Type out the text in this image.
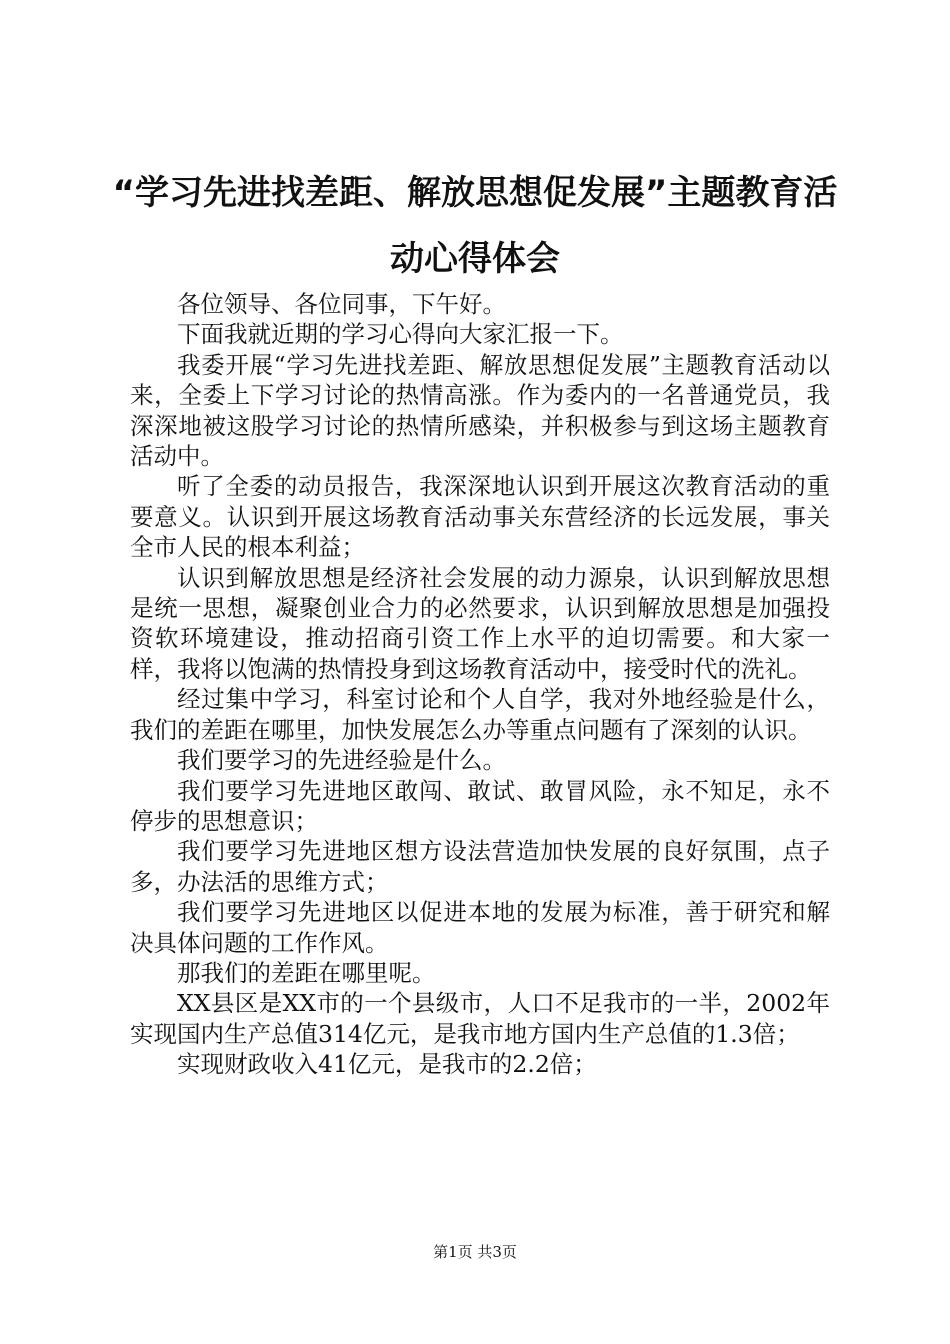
“学习先进找差距、解放思想促发展”主题教育活动心得体会

各位领导、各位同事，下午好。

下面我就近期的学习心得向大家汇报一下。

我委开展“学习先进找差距、解放思想促发展”主题教育活动以来，全委上下学习讨论的热情高涨。作为委内的一名普通党员，我深深地被这股学习讨论的热情所感染，并积极参与到这场主题教育活动中。

听了全委的动员报告，我深深地认识到开展这次教育活动的重要意义。认识到开展这场教育活动事关东营经济的长远发展，事关全市人民的根本利益；

认识到解放思想是经济社会发展的动力源泉，认识到解放思想是统一思想，凝聚创业合力的必然要求，认识到解放思想是加强投资软环境建设，推动招商引资工作上水平的迫切需要。和大家一样，我将以饱满的热情投身到这场教育活动中，接受时代的洗礼。

经过集中学习，科室讨论和个人自学，我对外地经验是什么，我们的差距在哪里，加快发展怎么办等重点问题有了深刻的认识。

我们要学习的先进经验是什么。

我们要学习先进地区敢闯、敢试、敢冒风险，永不知足，永不停步的思想意识；

我们要学习先进地区想方设法营造加快发展的良好氛围，点子多，办法活的思维方式；

我们要学习先进地区以促进本地的发展为标准，善于研究和解决具体问题的工作作风。

那我们的差距在哪里呢。

XX县区是XX市的一个县级市，人口不足我市的一半，2002年实现国内生产总值314亿元，是我市地方国内生产总值的1.3倍；

实现财政收入41亿元，是我市的2.2倍；

第1页 共3页
